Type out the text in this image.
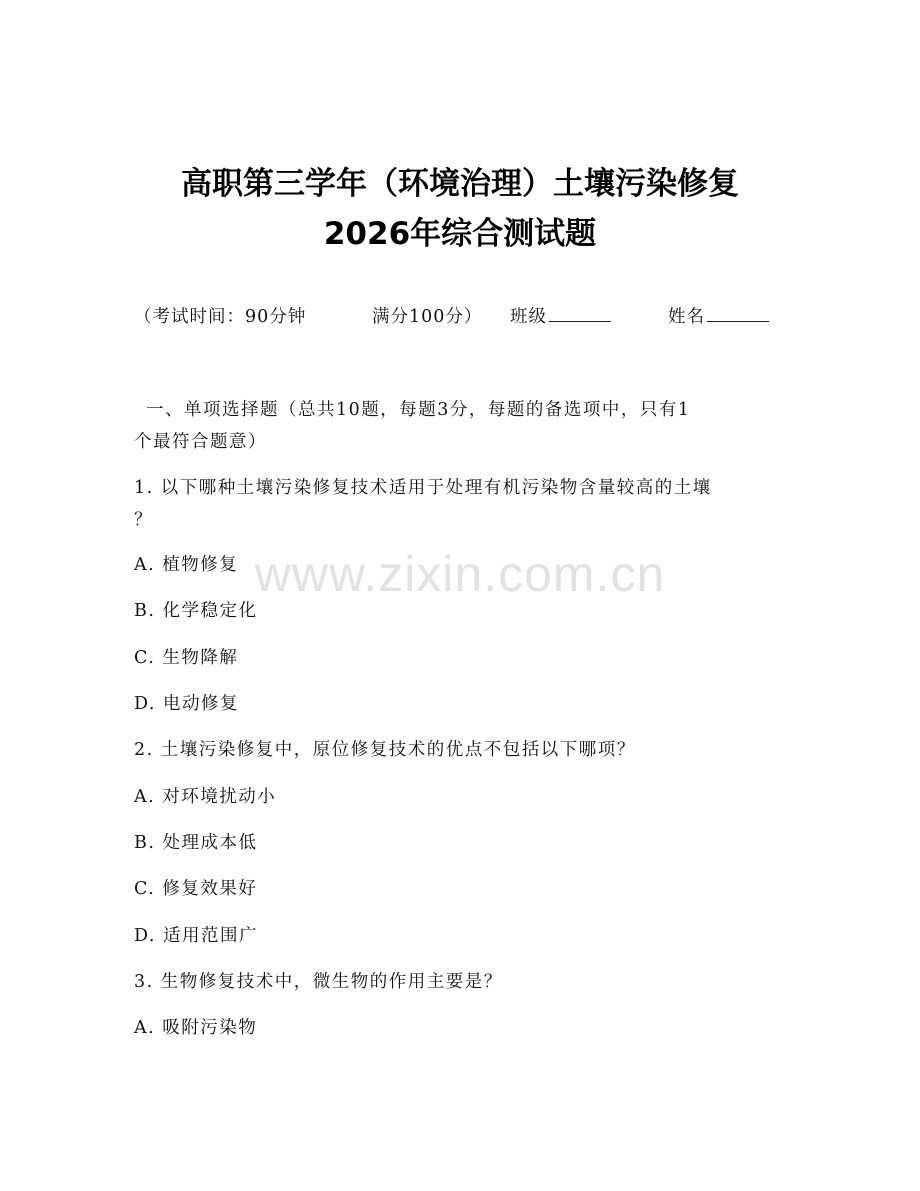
高职第三学年（环境治理）土壤污染修复
2026年综合测试题
（考试时间：90分钟	满分100分） 班级	姓名
一、单项选择题（总共10题，每题3分，每题的备选项中，只有1
个最符合题意）
1. 以下哪种土壤污染修复技术适用于处理有机污染物含量较高的土壤
？
A. 植物修复
B. 化学稳定化
C. 生物降解
D. 电动修复
2. 土壤污染修复中，原位修复技术的优点不包括以下哪项？
A. 对环境扰动小
B. 处理成本低
C. 修复效果好
D. 适用范围广
3. 生物修复技术中，微生物的作用主要是？
A. 吸附污染物
www.zixin.com.cn
